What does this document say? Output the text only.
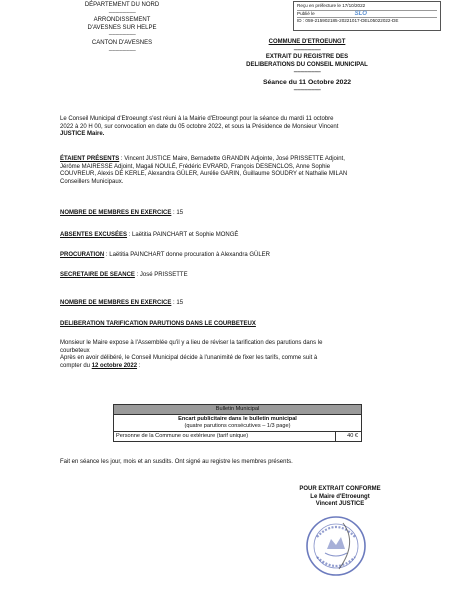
Reçu en préfecture le 17/10/2022
Publié le	SLO
ID : 059-215902185-20221017-DEL05022022-DE
DÉPARTEMENT DU NORD
-----------------------
ARRONDISSEMENT
D'AVESNES SUR HELPE
-----------------------
CANTON D'AVESNES
-----------------------
COMMUNE D'ETROEUNGT
-----------------------
EXTRAIT DU REGISTRE DES
DELIBERATIONS DU CONSEIL MUNICIPAL
-----------------------
Séance du 11 Octobre 2022
-----------------------
Le Conseil Municipal d'Etroeungt s'est réuni à la Mairie d'Etroeungt pour la séance du mardi 11 octobre
2022 à 20 H 00, sur convocation en date du 05 octobre 2022, et sous la Présidence de Monsieur Vincent
JUSTICE Maire.
ÉTAIENT PRÉSENTS : Vincent JUSTICE Maire, Bernadette GRANDIN Adjointe, José PRISSETTE Adjoint,
Jérôme MAIRESSE Adjoint, Magali NOULÉ, Frédéric EVRARD, François DESENCLOS, Anne Sophie
COUVREUR, Alexis DE KERLE, Alexandra GÜLER, Aurélie GARIN, Guillaume SOUDRY et Nathalie MILAN
Conseillers Municipaux.
NOMBRE DE MEMBRES EN EXERCICE : 15
ABSENTES EXCUSÉES : Laëtitia PAINCHART et Sophie MONGÉ
PROCURATION : Laëtitia PAINCHART donne procuration à Alexandra GÜLER
SECRETAIRE DE SEANCE : José PRISSETTE
NOMBRE DE MEMBRES EN EXERCICE : 15
DELIBERATION TARIFICATION PARUTIONS DANS LE COURBETEUX
Monsieur le Maire expose à l'Assemblée qu'il y a lieu de réviser la tarification des parutions dans le
courbeteux
Après en avoir délibéré, le Conseil Municipal décide à l'unanimité de fixer les tarifs, comme suit à
compter du 12 octobre 2022 :
Bulletin Municipal
Encart publicitaire dans le bulletin municipal
(quatre parutions consécutives – 1/3 page)
Personne de la Commune ou extérieure (tarif unique)	40 €
Fait en séance les jour, mois et an susdits. Ont signé au registre les membres présents.
POUR EXTRAIT CONFORME
Le Maire d'Etroeungt
Vincent JUSTICE
